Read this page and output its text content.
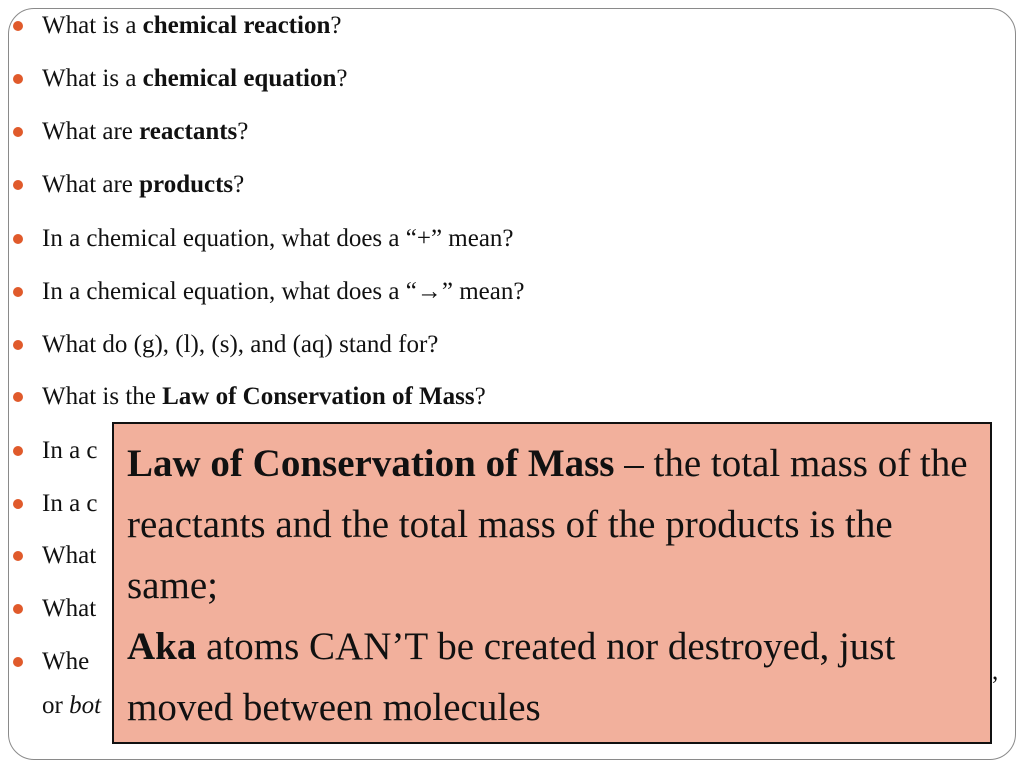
What is a chemical reaction?
What is a chemical equation?
What are reactants?
What are products?
In a chemical equation, what does a “+” mean?
In a chemical equation, what does a “→” mean?
What do (g), (l), (s), and (aq) stand for?
What is the Law of Conservation of Mass?
In a c
In a c
What
What
Whe
or bot
,
Law of Conservation of Mass – the total mass of the reactants and the total mass of the products is the same;
Aka atoms CAN’T be created nor destroyed, just moved between molecules
